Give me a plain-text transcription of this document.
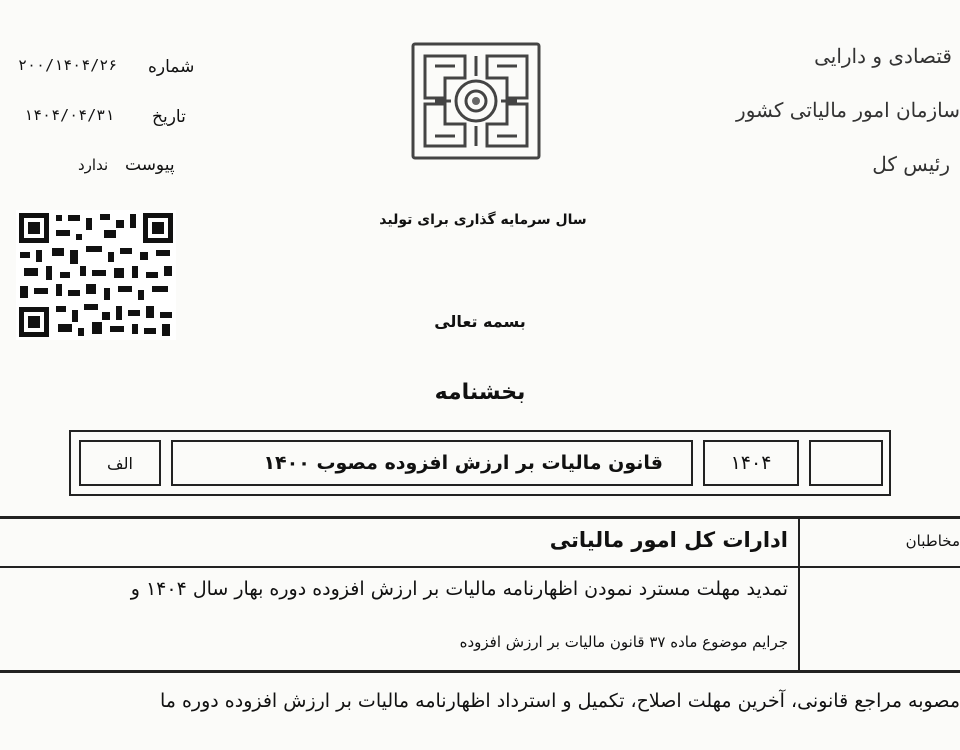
قتصادی و دارایی
سازمان امور مالیاتی کشور
رئیس کل
شماره
۲۰۰/۱۴۰۴/۲۶
تاریخ
۱۴۰۴/۰۴/۳۱
پیوست
ندارد
سال سرمایه گذاری برای تولید
بسمه تعالی
بخشنامه
الف	قانون مالیات بر ارزش افزوده مصوب ۱۴۰۰	۱۴۰۴
مخاطبان
ادارات کل امور مالیاتی
تمدید مهلت مسترد نمودن اظهارنامه مالیات بر ارزش افزوده دوره بهار سال ۱۴۰۴ و
جرایم موضوع ماده ۳۷ قانون مالیات بر ارزش افزوده
مصوبه مراجع قانونی، آخرین مهلت اصلاح، تکمیل و استرداد اظهارنامه مالیات بر ارزش افزوده دوره ما
